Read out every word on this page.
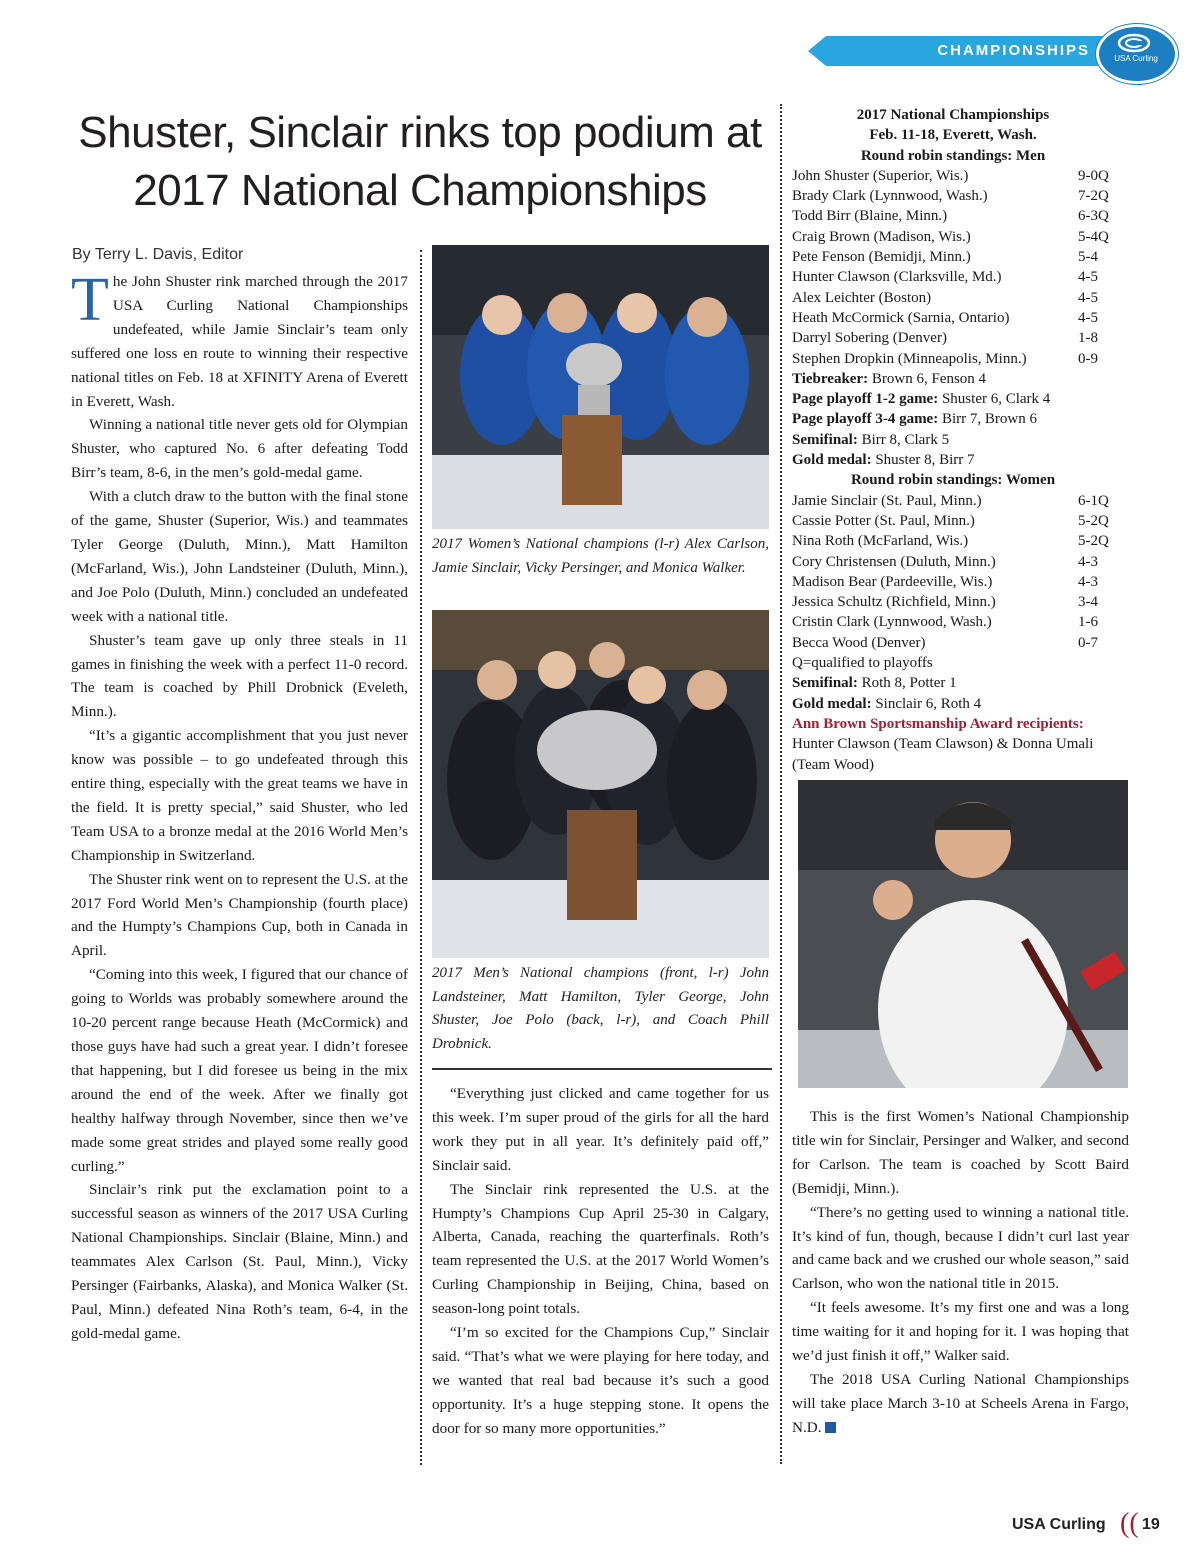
CHAMPIONSHIPS	USA Curling
Shuster, Sinclair rinks top podium at 2017 National Championships
By Terry L. Davis, Editor

The John Shuster rink marched through the 2017 USA Curling National Championships undefeated, while Jamie Sinclair’s team only suffered one loss en route to winning their respective national titles on Feb. 18 at XFINITY Arena of Everett in Everett, Wash.

Winning a national title never gets old for Olympian Shuster, who captured No. 6 after defeating Todd Birr’s team, 8-6, in the men’s gold-medal game.

With a clutch draw to the button with the final stone of the game, Shuster (Superior, Wis.) and teammates Tyler George (Duluth, Minn.), Matt Hamilton (McFarland, Wis.), John Landsteiner (Duluth, Minn.), and Joe Polo (Duluth, Minn.) concluded an undefeated week with a national title.

Shuster’s team gave up only three steals in 11 games in finishing the week with a perfect 11-0 record. The team is coached by Phill Drobnick (Eveleth, Minn.).

“It’s a gigantic accomplishment that you just never know was possible – to go undefeated through this entire thing, especially with the great teams we have in the field. It is pretty special,” said Shuster, who led Team USA to a bronze medal at the 2016 World Men’s Championship in Switzerland.

The Shuster rink went on to represent the U.S. at the 2017 Ford World Men’s Championship (fourth place) and the Humpty’s Champions Cup, both in Canada in April.

“Coming into this week, I figured that our chance of going to Worlds was probably somewhere around the 10-20 percent range because Heath (McCormick) and those guys have had such a great year. I didn’t foresee that happening, but I did foresee us being in the mix around the end of the week. After we finally got healthy halfway through November, since then we’ve made some great strides and played some really good curling.”

Sinclair’s rink put the exclamation point to a successful season as winners of the 2017 USA Curling National Championships. Sinclair (Blaine, Minn.) and teammates Alex Carlson (St. Paul, Minn.), Vicky Persinger (Fairbanks, Alaska), and Monica Walker (St. Paul, Minn.) defeated Nina Roth’s team, 6-4, in the gold-medal game.

2017 Women’s National champions (l-r) Alex Carlson, Jamie Sinclair, Vicky Persinger, and Monica Walker.
2017 Men’s National champions (front, l-r) John Landsteiner, Matt Hamilton, Tyler George, John Shuster, Joe Polo (back, l-r), and Coach Phill Drobnick.

“Everything just clicked and came together for us this week. I’m super proud of the girls for all the hard work they put in all year. It’s definitely paid off,” Sinclair said.

The Sinclair rink represented the U.S. at the Humpty’s Champions Cup April 25-30 in Calgary, Alberta, Canada, reaching the quarterfinals. Roth’s team represented the U.S. at the 2017 World Women’s Curling Championship in Beijing, China, based on season-long point totals.

“I’m so excited for the Champions Cup,” Sinclair said. “That’s what we were playing for here today, and we wanted that real bad because it’s such a good opportunity. It’s a huge stepping stone. It opens the door for so many more opportunities.”

2017 National Championships
Feb. 11-18, Everett, Wash.
Round robin standings: Men
John Shuster (Superior, Wis.)	9-0Q
Brady Clark (Lynnwood, Wash.)	7-2Q
Todd Birr (Blaine, Minn.)	6-3Q
Craig Brown (Madison, Wis.)	5-4Q
Pete Fenson (Bemidji, Minn.)	5-4
Hunter Clawson (Clarksville, Md.)	4-5
Alex Leichter (Boston)	4-5
Heath McCormick (Sarnia, Ontario)	4-5
Darryl Sobering (Denver)	1-8
Stephen Dropkin (Minneapolis, Minn.)	0-9
Tiebreaker: Brown 6, Fenson 4
Page playoff 1-2 game: Shuster 6, Clark 4
Page playoff 3-4 game: Birr 7, Brown 6
Semifinal: Birr 8, Clark 5
Gold medal: Shuster 8, Birr 7
Round robin standings: Women
Jamie Sinclair (St. Paul, Minn.)	6-1Q
Cassie Potter (St. Paul, Minn.)	5-2Q
Nina Roth (McFarland, Wis.)	5-2Q
Cory Christensen (Duluth, Minn.)	4-3
Madison Bear (Pardeeville, Wis.)	4-3
Jessica Schultz (Richfield, Minn.)	3-4
Cristin Clark (Lynnwood, Wash.)	1-6
Becca Wood (Denver)	0-7
Q=qualified to playoffs
Semifinal: Roth 8, Potter 1
Gold medal: Sinclair 6, Roth 4
Ann Brown Sportsmanship Award recipients:
Hunter Clawson (Team Clawson) & Donna Umali (Team Wood)

This is the first Women’s National Championship title win for Sinclair, Persinger and Walker, and second for Carlson. The team is coached by Scott Baird (Bemidji, Minn.).

“There’s no getting used to winning a national title. It’s kind of fun, though, because I didn’t curl last year and came back and we crushed our whole season,” said Carlson, who won the national title in 2015.

“It feels awesome. It’s my first one and was a long time waiting for it and hoping for it. I was hoping that we’d just finish it off,” Walker said.

The 2018 USA Curling National Championships will take place March 3-10 at Scheels Arena in Fargo, N.D.

USA Curling (( 19
